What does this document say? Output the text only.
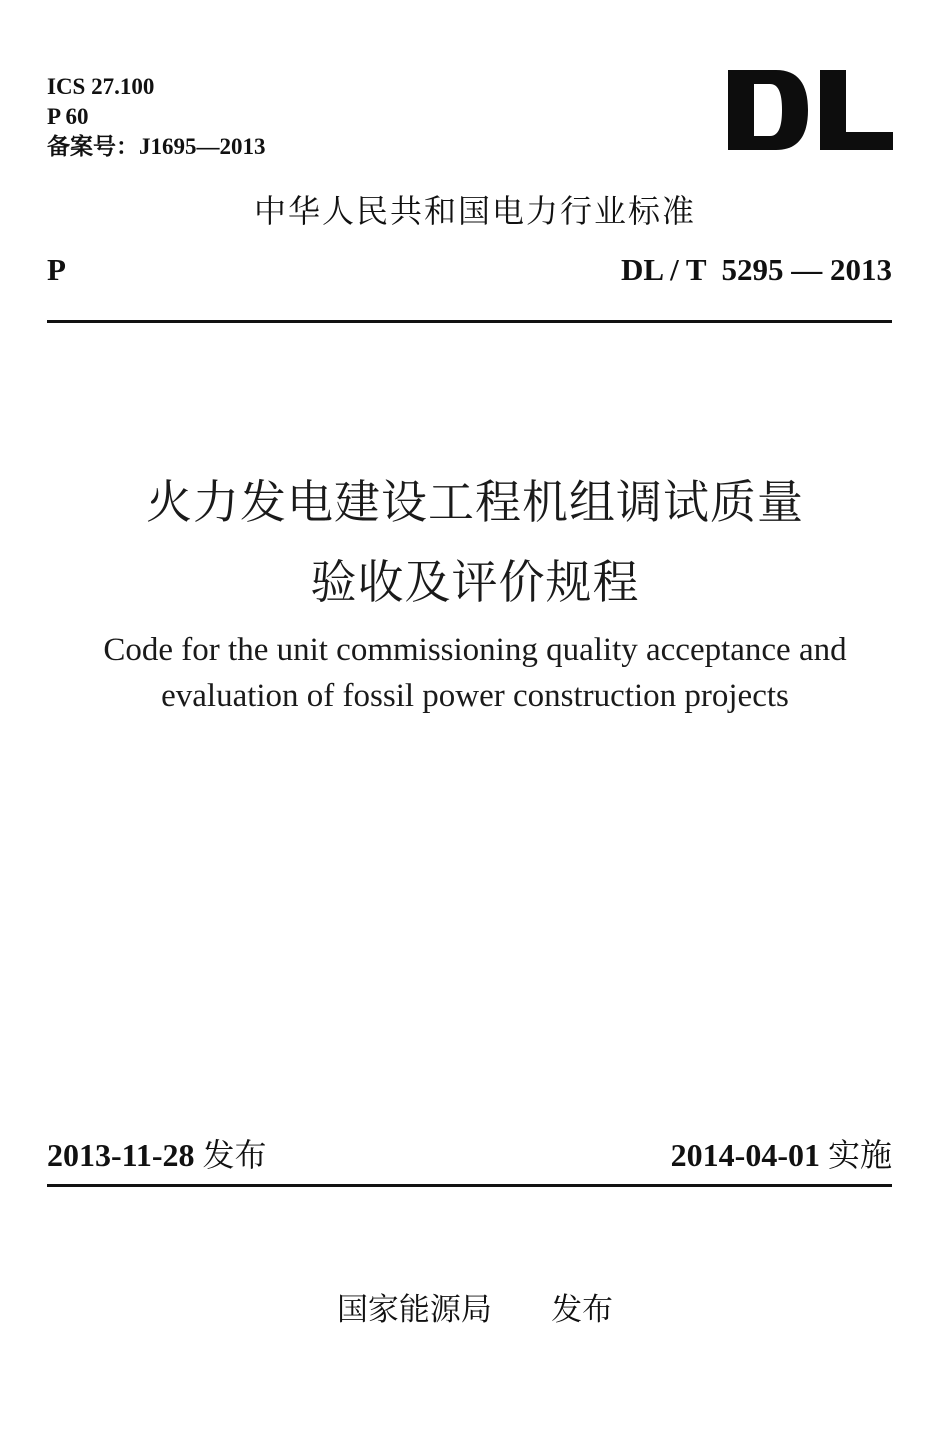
ICS 27.100
P 60
备案号：J1695—2013
中华人民共和国电力行业标准
P	DL / T  5295 — 2013
火力发电建设工程机组调试质量
验收及评价规程
Code for the unit commissioning quality acceptance and
evaluation of fossil power construction projects
2013-11-28 发布	2014-04-01 实施
国家能源局 发布
